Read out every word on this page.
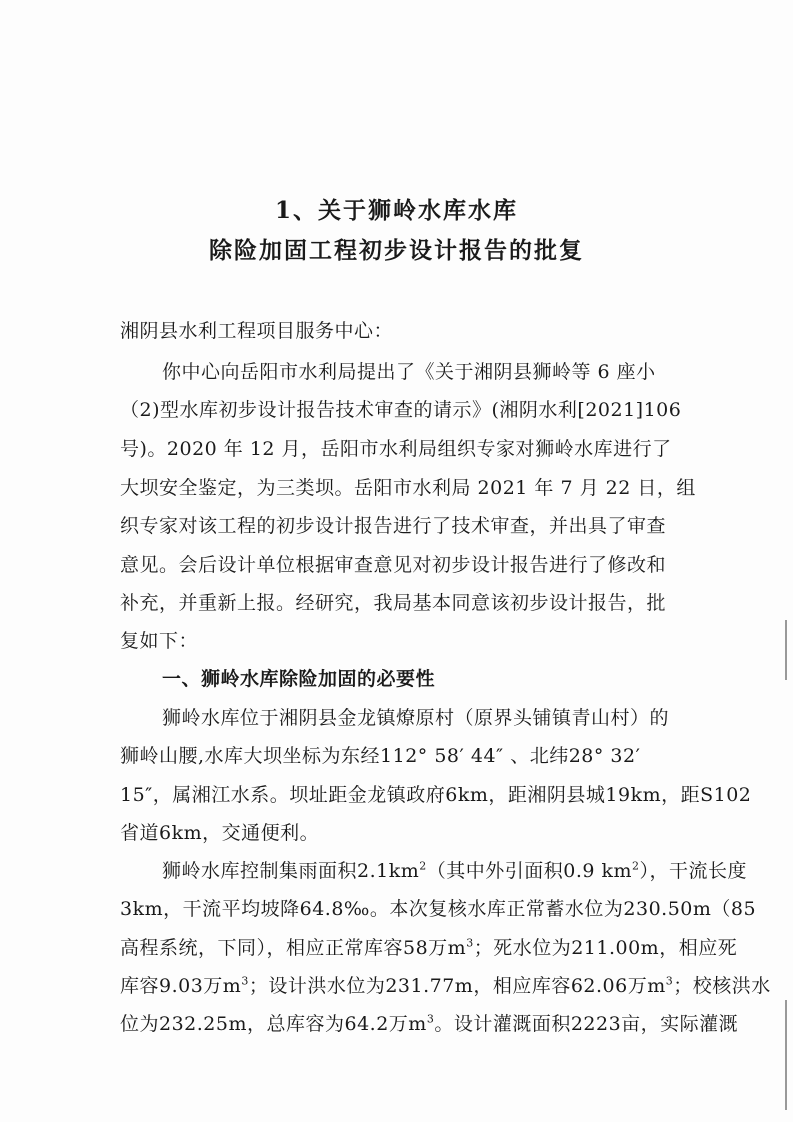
1、关于狮岭水库水库
除险加固工程初步设计报告的批复
湘阴县水利工程项目服务中心：
你中心向岳阳市水利局提出了《关于湘阴县狮岭等 6 座小
（2)型水库初步设计报告技术审查的请示》(湘阴水利[2021]106
号)。2020 年 12 月，岳阳市水利局组织专家对狮岭水库进行了
大坝安全鉴定，为三类坝。岳阳市水利局 2021 年 7 月 22 日，组
织专家对该工程的初步设计报告进行了技术审查，并出具了审查
意见。会后设计单位根据审查意见对初步设计报告进行了修改和
补充，并重新上报。经研究，我局基本同意该初步设计报告，批
复如下：
一、狮岭水库除险加固的必要性
狮岭水库位于湘阴县金龙镇燎原村（原界头铺镇青山村）的
狮岭山腰,水库大坝坐标为东经112° 58′ 44″ 、北纬28° 32′
15″，属湘江水系。坝址距金龙镇政府6km，距湘阴县城19km，距S102
省道6km，交通便利。
狮岭水库控制集雨面积$2.1km^2$（其中外引面积0.9 $km^2$），干流长度
3km，干流平均坡降64.8‰。本次复核水库正常蓄水位为230.50m（85
高程系统，下同），相应正常库容58万$m^3$；死水位为211.00m，相应死
库容9.03万$m^3$；设计洪水位为231.77m，相应库容62.06万$m^3$；校核洪水
位为232.25m，总库容为64.2万$m^3$。设计灌溉面积2223亩，实际灌溉
